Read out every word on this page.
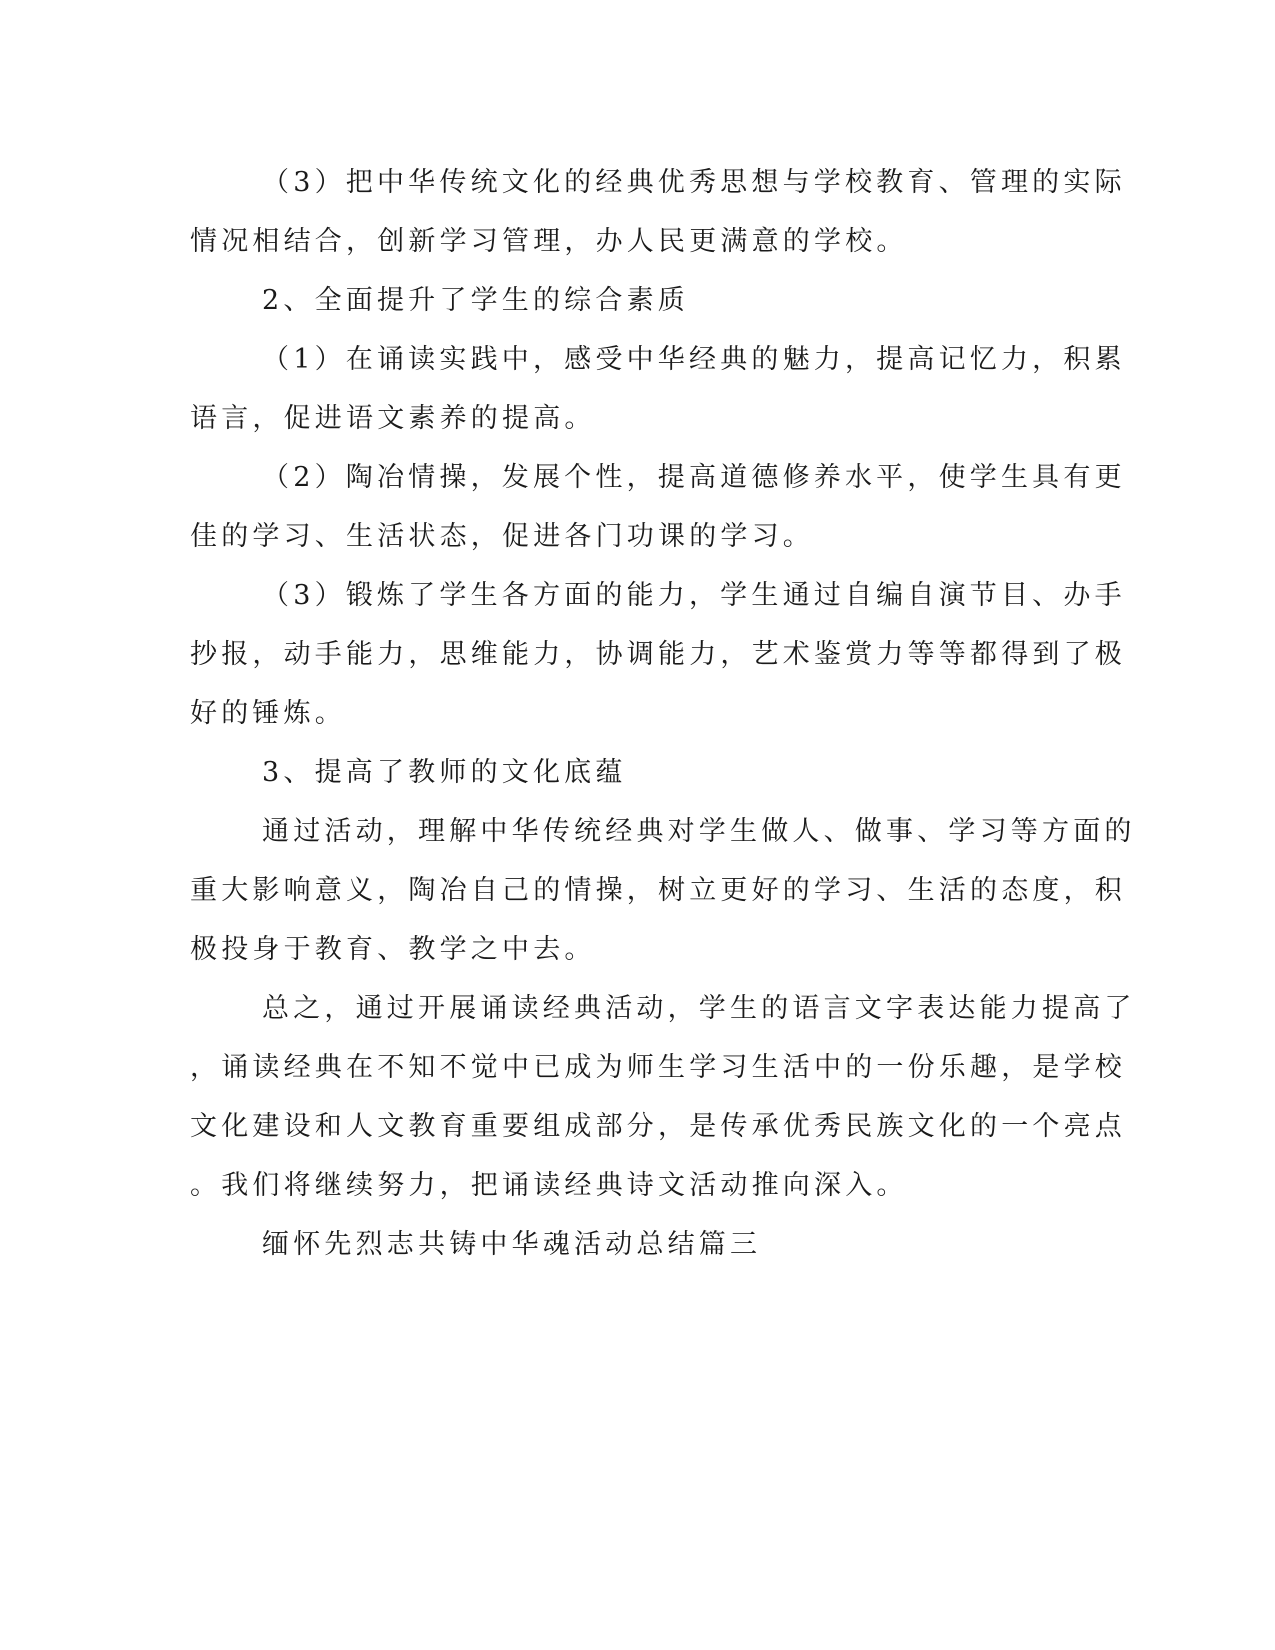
（3）把中华传统文化的经典优秀思想与学校教育、管理的实际
情况相结合，创新学习管理，办人民更满意的学校。
2、全面提升了学生的综合素质
（1）在诵读实践中，感受中华经典的魅力，提高记忆力，积累
语言，促进语文素养的提高。
（2）陶冶情操，发展个性，提高道德修养水平，使学生具有更
佳的学习、生活状态，促进各门功课的学习。
（3）锻炼了学生各方面的能力，学生通过自编自演节目、办手
抄报，动手能力，思维能力，协调能力，艺术鉴赏力等等都得到了极
好的锤炼。
3、提高了教师的文化底蕴
通过活动，理解中华传统经典对学生做人、做事、学习等方面的
重大影响意义，陶冶自己的情操，树立更好的学习、生活的态度，积
极投身于教育、教学之中去。
总之，通过开展诵读经典活动，学生的语言文字表达能力提高了
，诵读经典在不知不觉中已成为师生学习生活中的一份乐趣，是学校
文化建设和人文教育重要组成部分，是传承优秀民族文化的一个亮点
。我们将继续努力，把诵读经典诗文活动推向深入。
缅怀先烈志共铸中华魂活动总结篇三
